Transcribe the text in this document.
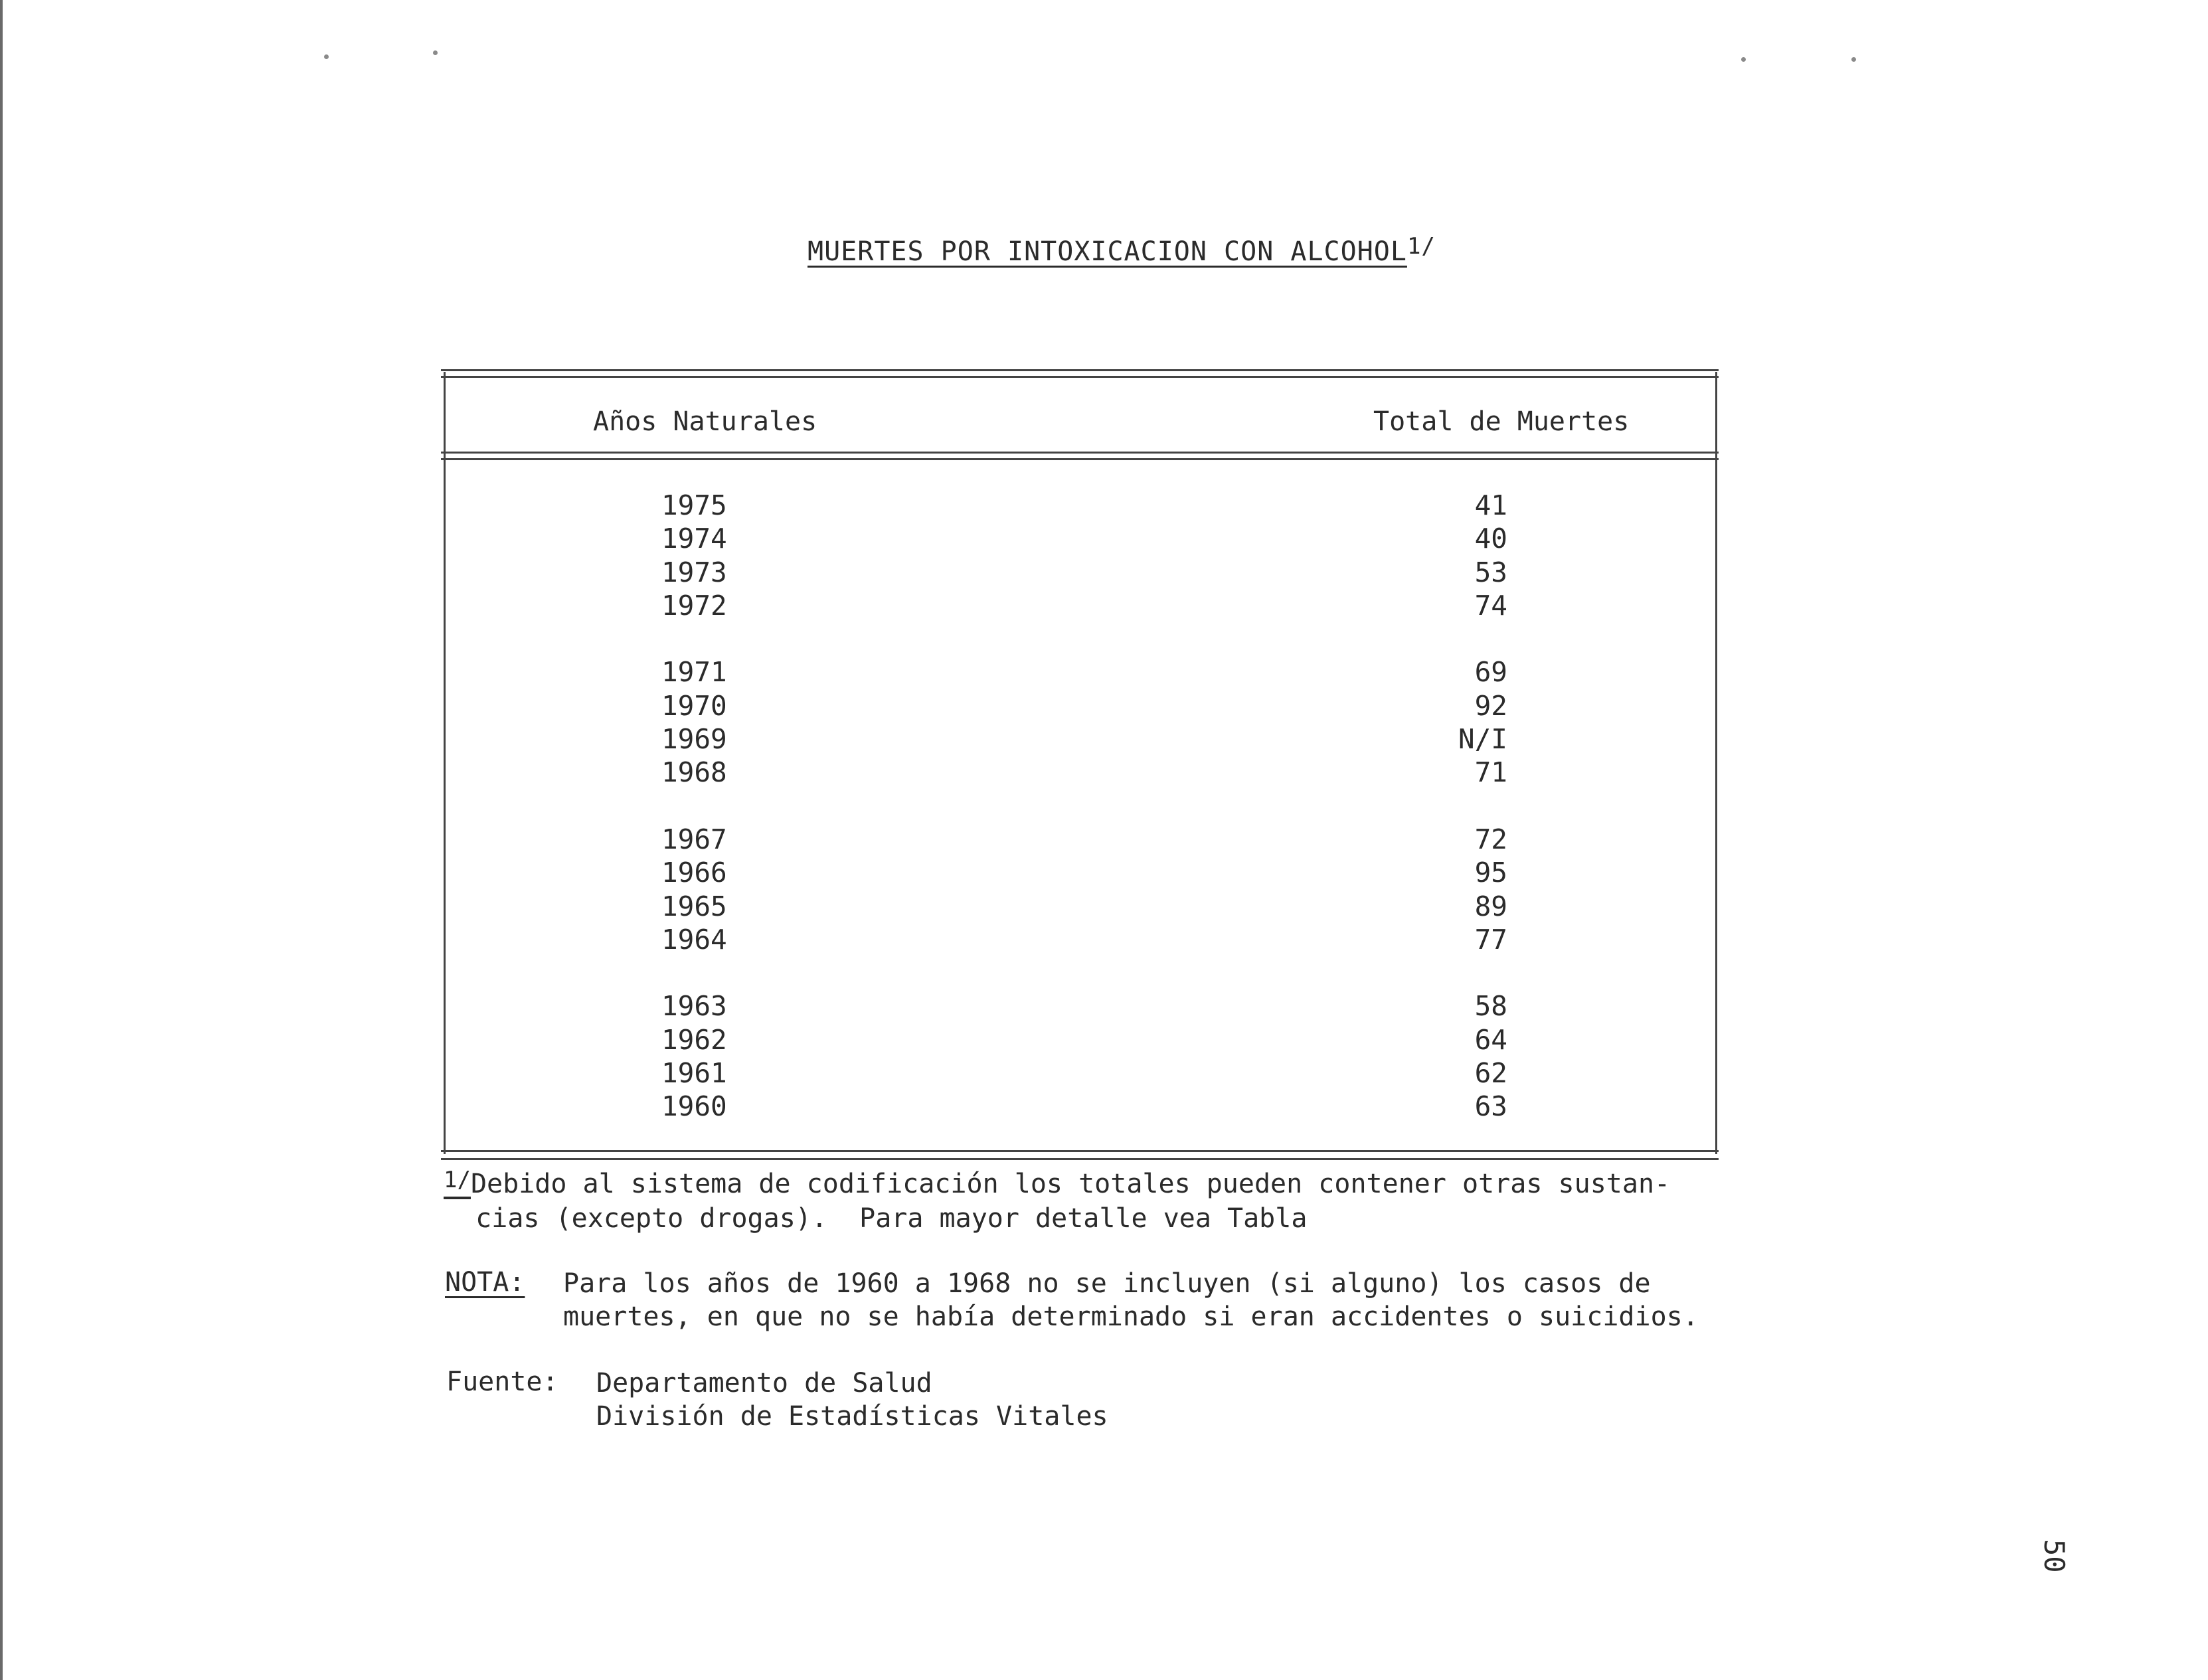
MUERTES POR INTOXICACION CON $ALCOHOL^{1/}$
Años Naturales	Total de Muertes
1975
1974
1973
1972
1971
1970
1969
1968
1967
1966
1965
1964
1963
1962
1961
1960
41
40
53
74
69
92
N/I
71
72
95
89
77
58
64
62
63
$^{1/}$Debido al sistema de codificación los totales pueden contener otras sustan-
cias (excepto drogas).  Para mayor detalle vea Tabla
NOTA: Para los años de 1960 a 1968 no se incluyen (si alguno) los casos de
muertes, en que no se había determinado si eran accidentes o suicidios.
Fuente: Departamento de Salud
División de Estadísticas Vitales
50
